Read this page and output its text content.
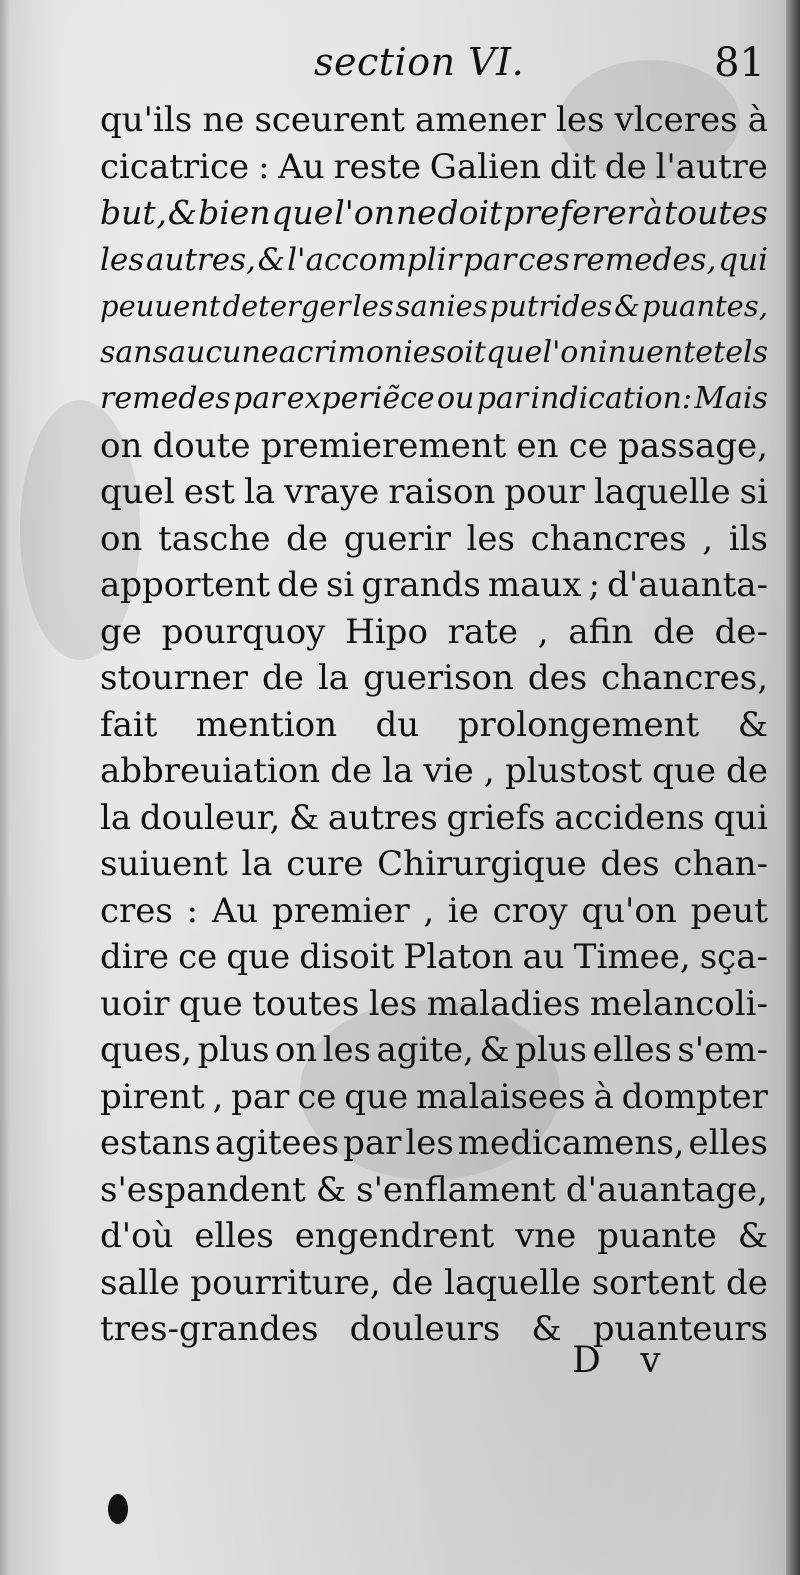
section VI.	81
qu'ils ne sceurent amener les vlceres à
cicatrice : Au reste Galien dit de l'autre
but , & bien que l'on ne doit preferer à toutes
les autres, & l'accomplir par ces remedes, qui
peuuent deterger les sanies putrides & puantes,
sans aucune acrimonie soit que l'on inuente tels
remedes par experiẽce ou par indication: Mais
on doute premierement en ce passage,
quel est la vraye raison pour laquelle si
on tasche de guerir les chancres , ils
apportent de si grands maux ; d'auanta-
ge pourquoy Hipo rate , afin de de-
stourner de la guerison des chancres,
fait mention du prolongement &
abbreuiation de la vie , plustost que de
la douleur, & autres griefs accidens qui
suiuent la cure Chirurgique des chan-
cres : Au premier , ie croy qu'on peut
dire ce que disoit Platon au Timee, sça-
uoir que toutes les maladies melancoli-
ques, plus on les agite, & plus elles s'em-
pirent , par ce que malaisees à dompter
estans agitees par les medicamens, elles
s'espandent & s'enflament d'auantage,
d'où elles engendrent vne puante &
salle pourriture, de laquelle sortent de
tres-grandes douleurs & puanteurs
D v
